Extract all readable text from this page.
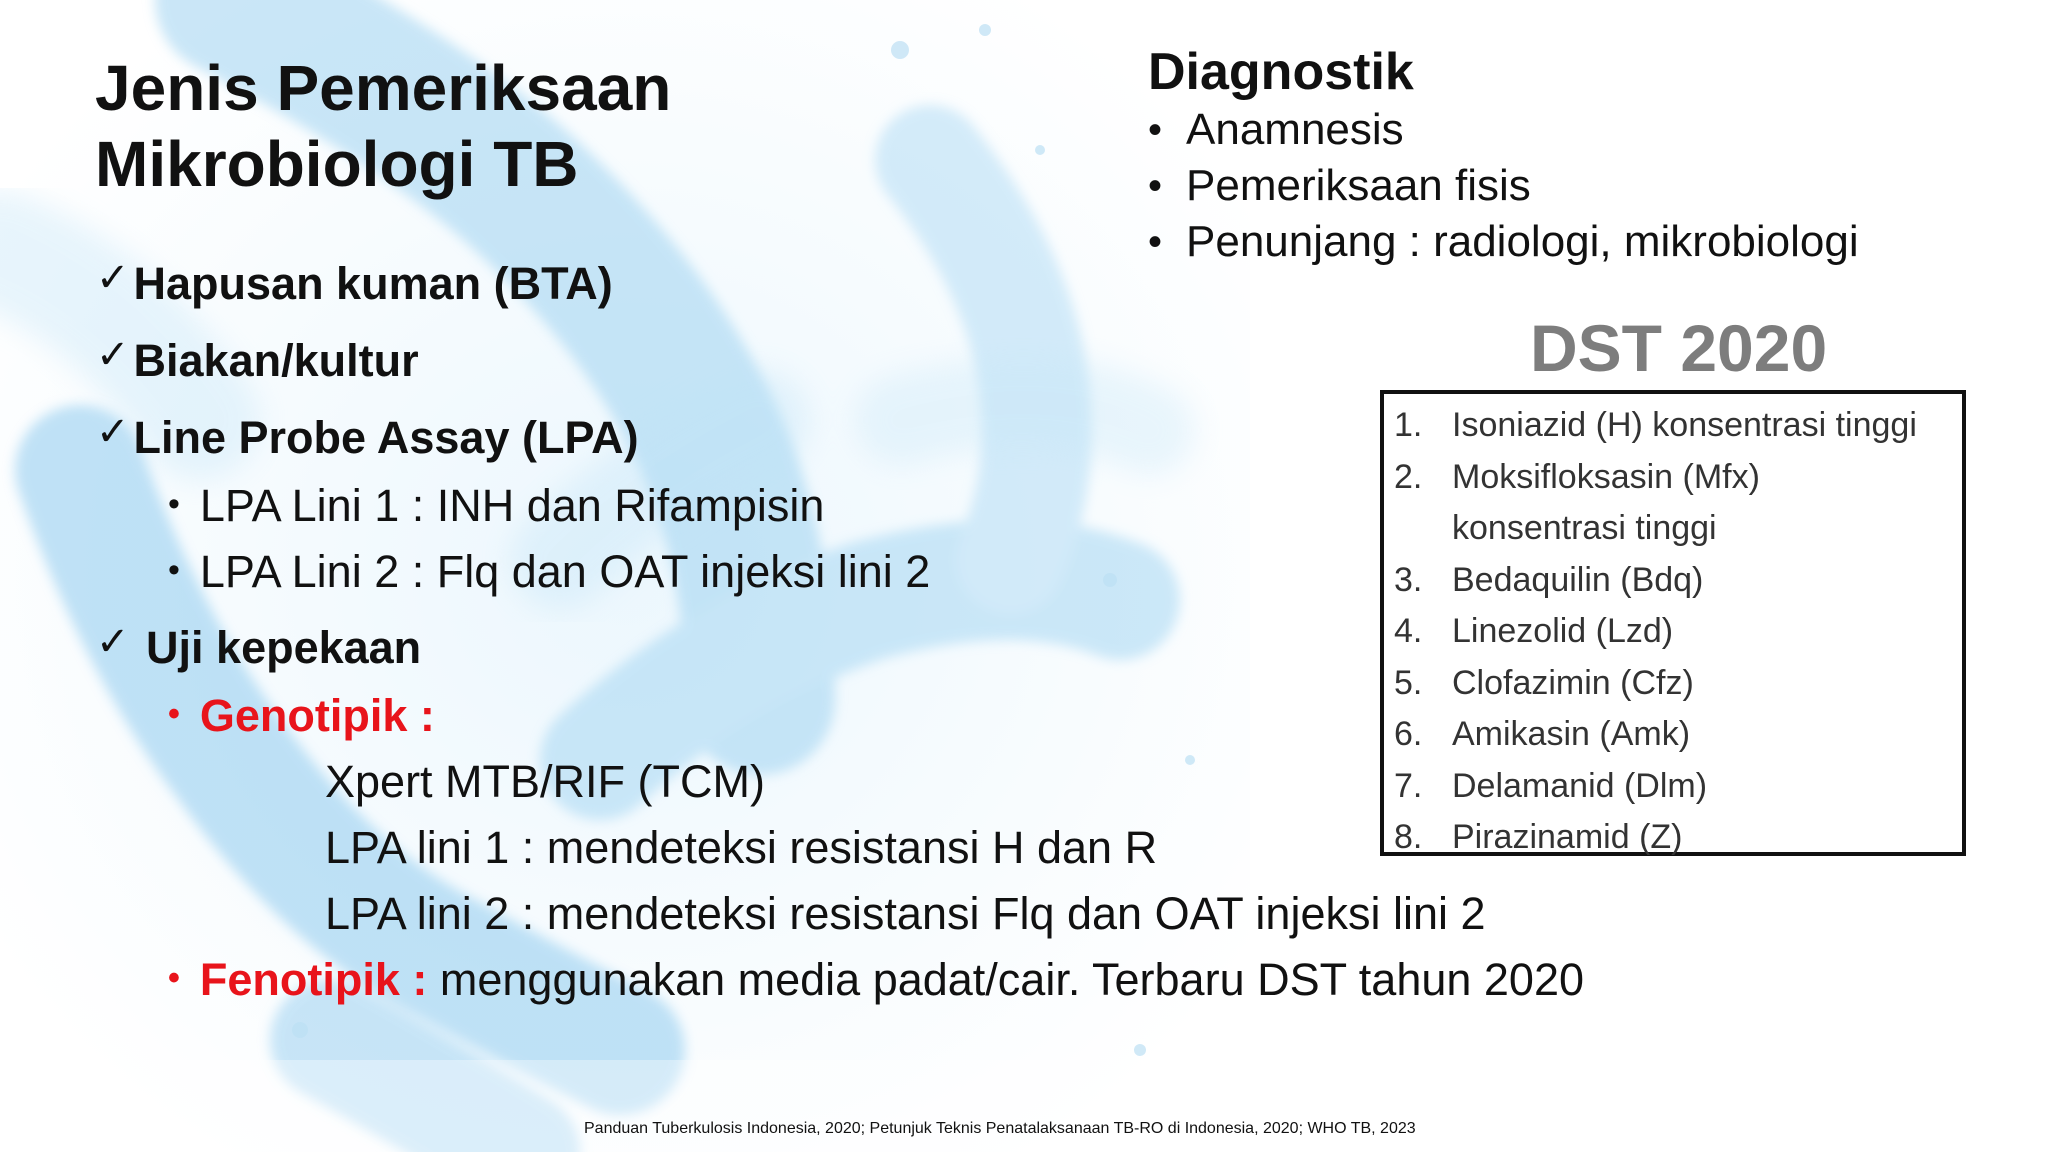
Jenis Pemeriksaan
Mikrobiologi TB
Diagnostik
• Anamnesis
• Pemeriksaan fisis
• Penunjang : radiologi, mikrobiologi
✓Hapusan kuman (BTA)
✓Biakan/kultur
✓Line Probe Assay (LPA)
• LPA Lini 1 : INH dan Rifampisin
• LPA Lini 2 : Flq dan OAT injeksi lini 2
✓ Uji kepekaan
• Genotipik :
Xpert MTB/RIF (TCM)
LPA lini 1 : mendeteksi resistansi H dan R
LPA lini 2 : mendeteksi resistansi Flq dan OAT injeksi lini 2
• Fenotipik : menggunakan media padat/cair. Terbaru DST tahun 2020
DST 2020
1. Isoniazid (H) konsentrasi tinggi
2. Moksifloksasin (Mfx)
konsentrasi tinggi
3. Bedaquilin (Bdq)
4. Linezolid (Lzd)
5. Clofazimin (Cfz)
6. Amikasin (Amk)
7. Delamanid (Dlm)
8. Pirazinamid (Z)
Panduan Tuberkulosis Indonesia, 2020; Petunjuk Teknis Penatalaksanaan TB-RO di Indonesia, 2020; WHO TB, 2023
